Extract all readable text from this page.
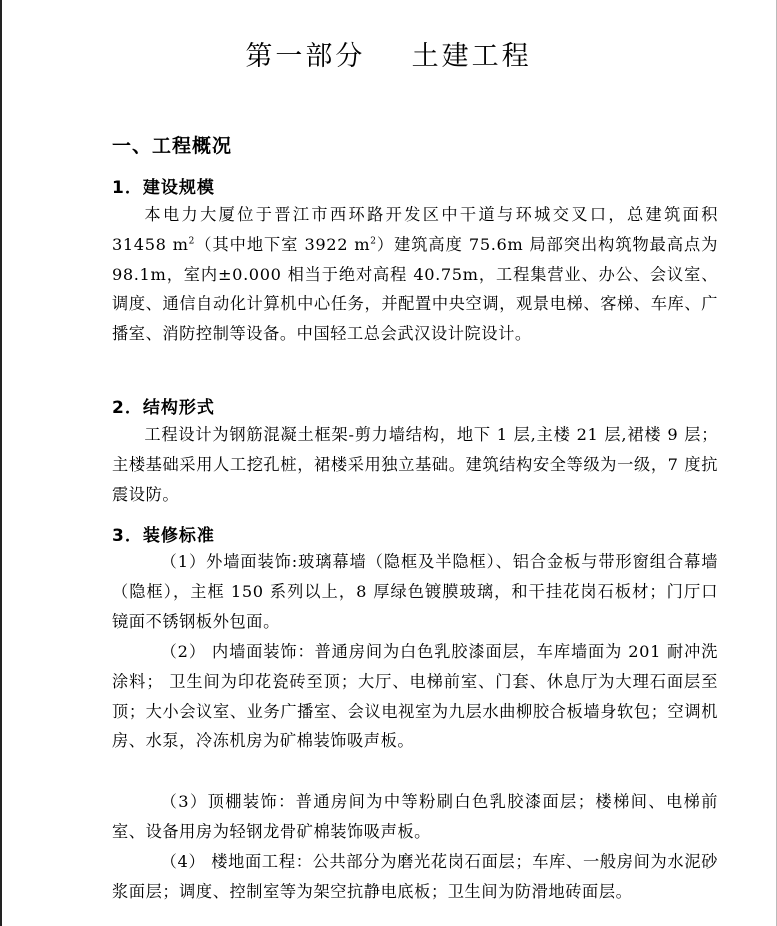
第一部分    土建工程
一、工程概况
1．建设规模

本电力大厦位于晋江市西环路开发区中干道与环城交叉口，总建筑面积 31458 $m^2$（其中地下室 3922 $m^2$）建筑高度 75.6m 局部突出构筑物最高点为 98.1m，室内±0.000 相当于绝对高程 40.75m，工程集营业、办公、会议室、调度、通信自动化计算机中心任务，并配置中央空调，观景电梯、客梯、车库、广播室、消防控制等设备。中国轻工总会武汉设计院设计。

2．结构形式

工程设计为钢筋混凝土框架-剪力墙结构，地下 1 层,主楼 21 层,裙楼 9 层； 主楼基础采用人工挖孔桩，裙楼采用独立基础。建筑结构安全等级为一级，7 度抗震设防。

3．装修标准

（1）外墙面装饰:玻璃幕墙（隐框及半隐框）、铝合金板与带形窗组合幕墙（隐框），主框 150 系列以上，8 厚绿色镀膜玻璃，和干挂花岗石板材；门厅口镜面不锈钢板外包面。

（2） 内墙面装饰：普通房间为白色乳胶漆面层，车库墙面为 201 耐冲洗涂料； 卫生间为印花瓷砖至顶；大厅、电梯前室、门套、休息厅为大理石面层至顶；大小会议室、业务广播室、会议电视室为九层水曲柳胶合板墙身软包；空调机房、水泵，冷冻机房为矿棉装饰吸声板。

（3）顶棚装饰：普通房间为中等粉刷白色乳胶漆面层；楼梯间、电梯前室、设备用房为轻钢龙骨矿棉装饰吸声板。

（4） 楼地面工程：公共部分为磨光花岗石面层；车库、一般房间为水泥砂浆面层；调度、控制室等为架空抗静电底板；卫生间为防滑地砖面层。
